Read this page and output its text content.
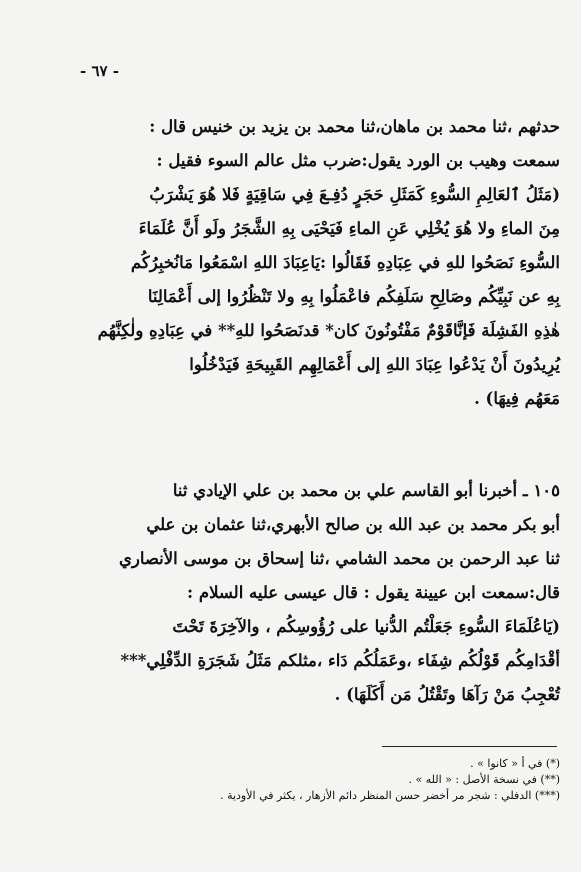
- ٦٧ -
حدثهم ،ثنا محمد بن ماهان،ثنا محمد بن يزيد بن خنيس قال :
سمعت وهيب بن الورد يقول:ضرب مثل عالم السوء فقيل :
(مَثَلُ ٱلعَالِمِ السُّوءِ كَمَثَلِ حَجَرٍ دُفِـعَ فِي سَاقِيَةٍ فَلا هُوَ يَشْرَبُ
مِنَ الماءِ ولا هُوَ يُخْلِي عَنِ الماءِ فَيَحْيَى بِهِ الشَّجَرُ ولَو أَنَّ عُلَمَاءَ
السُّوءِ نَصَحُوا للهِ في عِبَادِهِ فَقَالُوا :يَاعِبَادَ اللهِ اسْمَعُوا مَانُخبِرُكُم
بِهِ عن نَبِيِّكُم وصَالِحِ سَلَفِكُم فاعْمَلُوا بِهِ ولا تَنْظُرُوا إلى أَعْمَالِنَا
هٰذِهِ الفَشِلَة فَإنَّاقَوْمٌ مَفْتُونُونَ كان* قدنَصَحُوا للهِ** في عِبَادِهِ ولٰكِنَّهُم
يُرِيدُونَ أَنْ يَدْعُوا عِبَادَ اللهِ إلى أَعْمَالِهِم القَبِيحَةِ فَيَدْخُلُوا
مَعَهُم فِيهَا) .
١٠٥ ـ أخبرنا أبو القاسم علي بن محمد بن علي الإيادي ثنا
أبو بكر محمد بن عبد الله بن صالح الأبهري،ثنا عثمان بن علي
ثنا عبد الرحمن بن محمد الشامي ،ثنا إسحاق بن موسى الأنصاري
قال:سمعت ابن عيينة يقول : قال عيسى عليه السلام :
(يَاعُلَمَاءَ السُّوءِ جَعَلْتُم الدُّنيا على رُؤُوسِكُم ، والآخِرَةَ تَحْتَ
أقْدَامِكُم قَوْلُكُم شِفَاء ،وعَمَلُكُم دَاء ،مثلكم مَثَلُ شَجَرَةِ الدِّفْلِي***
تُعْجِبُ مَنْ رَآهَا وتَقْتُلُ مَن أَكَلَهَا) .
(*) في أ « كانوا » .
(**) في نسخة الأصل : « الله » .
(***) الدفلي : شجر مر أخضر حسن المنظر دائم الأزهار ، يكثر في الأودية .
